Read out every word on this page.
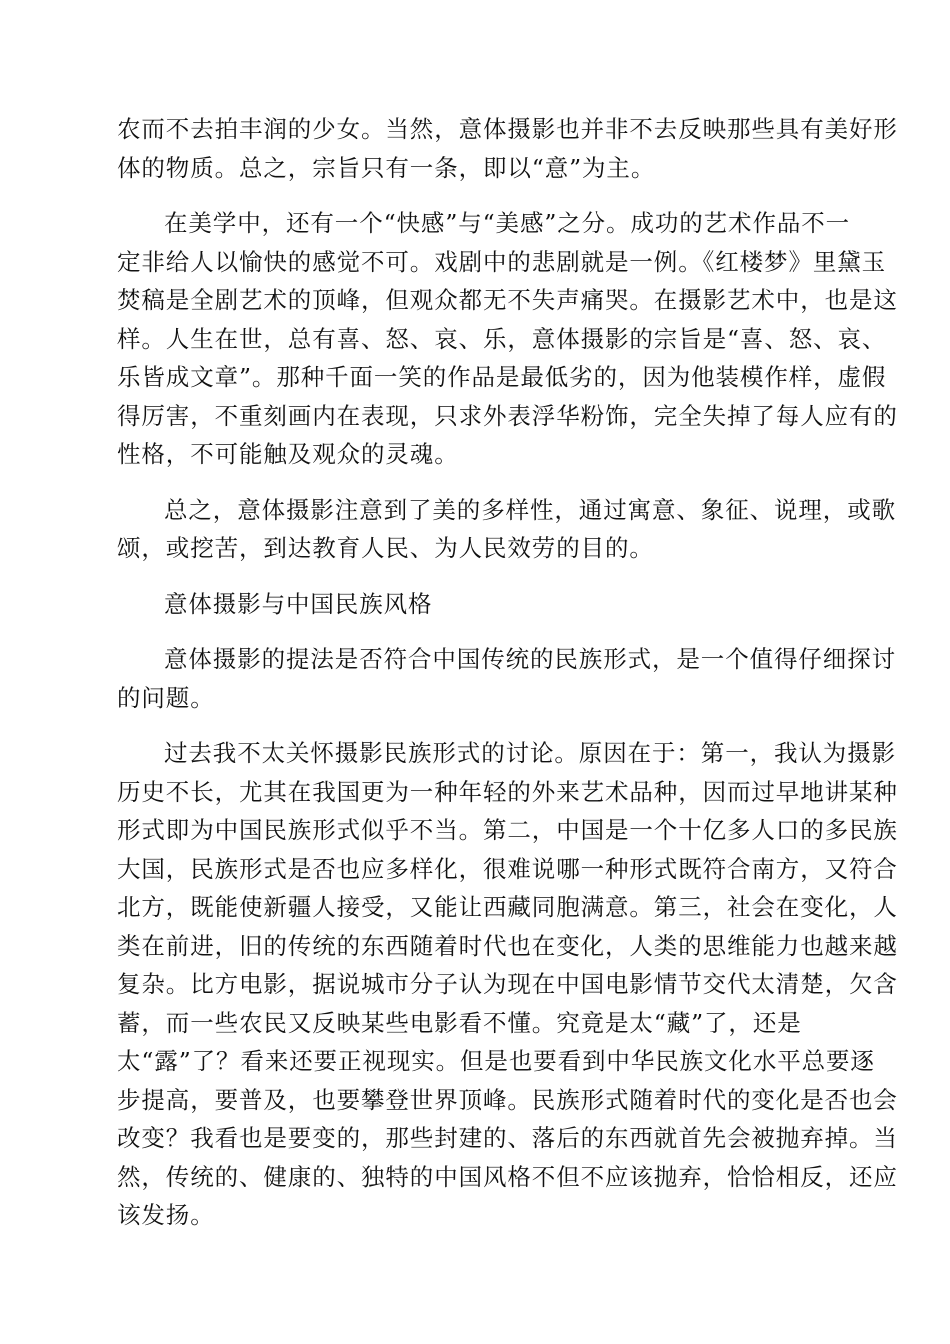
农而不去拍丰润的少女。当然，意体摄影也并非不去反映那些具有美好形
体的物质。总之，宗旨只有一条，即以“意”为主。
在美学中，还有一个“快感”与“美感”之分。成功的艺术作品不一
定非给人以愉快的感觉不可。戏剧中的悲剧就是一例。《红楼梦》里黛玉
焚稿是全剧艺术的顶峰，但观众都无不失声痛哭。在摄影艺术中，也是这
样。人生在世，总有喜、怒、哀、乐，意体摄影的宗旨是“喜、怒、哀、
乐皆成文章”。那种千面一笑的作品是最低劣的，因为他装模作样，虚假
得厉害，不重刻画内在表现，只求外表浮华粉饰，完全失掉了每人应有的
性格，不可能触及观众的灵魂。
总之，意体摄影注意到了美的多样性，通过寓意、象征、说理，或歌
颂，或挖苦，到达教育人民、为人民效劳的目的。
意体摄影与中国民族风格
意体摄影的提法是否符合中国传统的民族形式，是一个值得仔细探讨
的问题。
过去我不太关怀摄影民族形式的讨论。原因在于：第一，我认为摄影
历史不长，尤其在我国更为一种年轻的外来艺术品种，因而过早地讲某种
形式即为中国民族形式似乎不当。第二，中国是一个十亿多人口的多民族
大国，民族形式是否也应多样化，很难说哪一种形式既符合南方，又符合
北方，既能使新疆人接受，又能让西藏同胞满意。第三，社会在变化，人
类在前进，旧的传统的东西随着时代也在变化，人类的思维能力也越来越
复杂。比方电影，据说城市分子认为现在中国电影情节交代太清楚，欠含
蓄，而一些农民又反映某些电影看不懂。究竟是太“藏”了，还是
太“露”了？看来还要正视现实。但是也要看到中华民族文化水平总要逐
步提高，要普及，也要攀登世界顶峰。民族形式随着时代的变化是否也会
改变？我看也是要变的，那些封建的、落后的东西就首先会被抛弃掉。当
然，传统的、健康的、独特的中国风格不但不应该抛弃，恰恰相反，还应
该发扬。
